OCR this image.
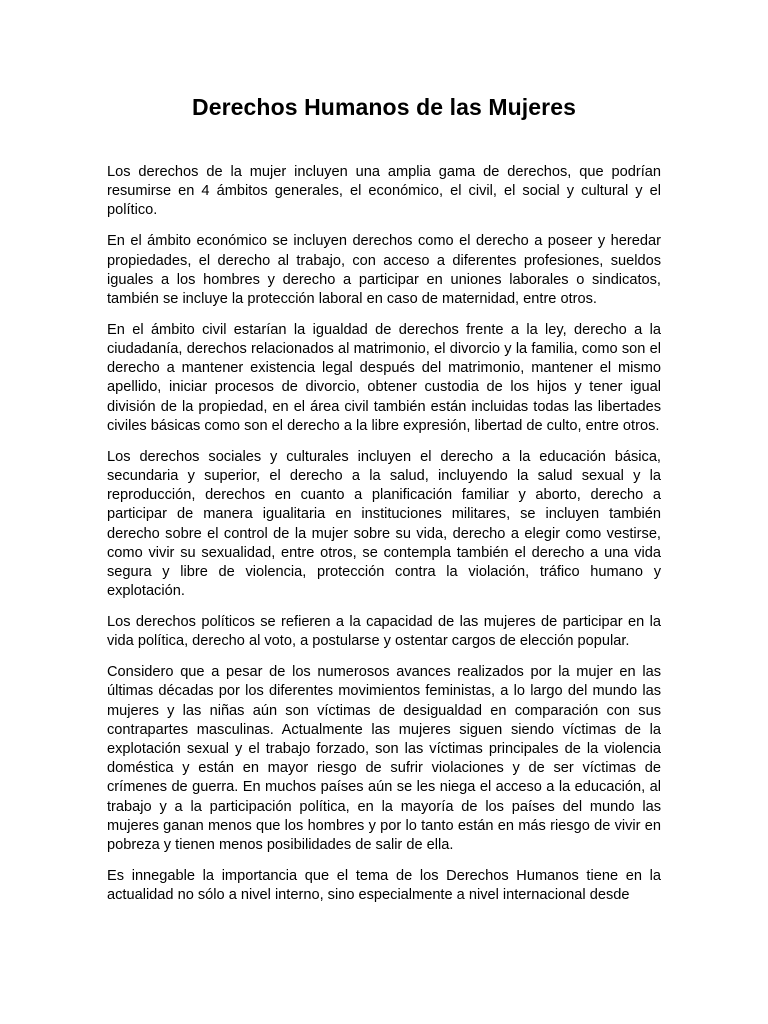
Derechos Humanos de las Mujeres

Los derechos de la mujer incluyen una amplia gama de derechos, que podrían resumirse en 4 ámbitos generales, el económico, el civil, el social y cultural y el político.

En el ámbito económico se incluyen derechos como el derecho a poseer y heredar propiedades, el derecho al trabajo, con acceso a diferentes profesiones, sueldos iguales a los hombres y derecho a participar en uniones laborales o sindicatos, también se incluye la protección laboral en caso de maternidad, entre otros.

En el ámbito civil estarían la igualdad de derechos frente a la ley, derecho a la ciudadanía, derechos relacionados al matrimonio, el divorcio y la familia, como son el derecho a mantener existencia legal después del matrimonio, mantener el mismo apellido, iniciar procesos de divorcio, obtener custodia de los hijos y tener igual división de la propiedad, en el área civil también están incluidas todas las libertades civiles básicas como son el derecho a la libre expresión, libertad de culto, entre otros.

Los derechos sociales y culturales incluyen el derecho a la educación básica, secundaria y superior, el derecho a la salud, incluyendo la salud sexual y la reproducción, derechos en cuanto a planificación familiar y aborto, derecho a participar de manera igualitaria en instituciones militares, se incluyen también derecho sobre el control de la mujer sobre su vida, derecho a elegir como vestirse, como vivir su sexualidad, entre otros, se contempla también el derecho a una vida segura y libre de violencia, protección contra la violación, tráfico humano y explotación.

Los derechos políticos se refieren a la capacidad de las mujeres de participar en la vida política, derecho al voto, a postularse y ostentar cargos de elección popular.

Considero que a pesar de los numerosos avances realizados por la mujer en las últimas décadas por los diferentes movimientos feministas, a lo largo del mundo las mujeres y las niñas aún son víctimas de desigualdad en comparación con sus contrapartes masculinas. Actualmente las mujeres siguen siendo víctimas de la explotación sexual y el trabajo forzado, son las víctimas principales de la violencia doméstica y están en mayor riesgo de sufrir violaciones y de ser víctimas de crímenes de guerra. En muchos países aún se les niega el acceso a la educación, al trabajo y a la participación política, en la mayoría de los países del mundo las mujeres ganan menos que los hombres y por lo tanto están en más riesgo de vivir en pobreza y tienen menos posibilidades de salir de ella.

Es innegable la importancia que el tema de los Derechos Humanos tiene en la actualidad no sólo a nivel interno, sino especialmente a nivel internacional desde
